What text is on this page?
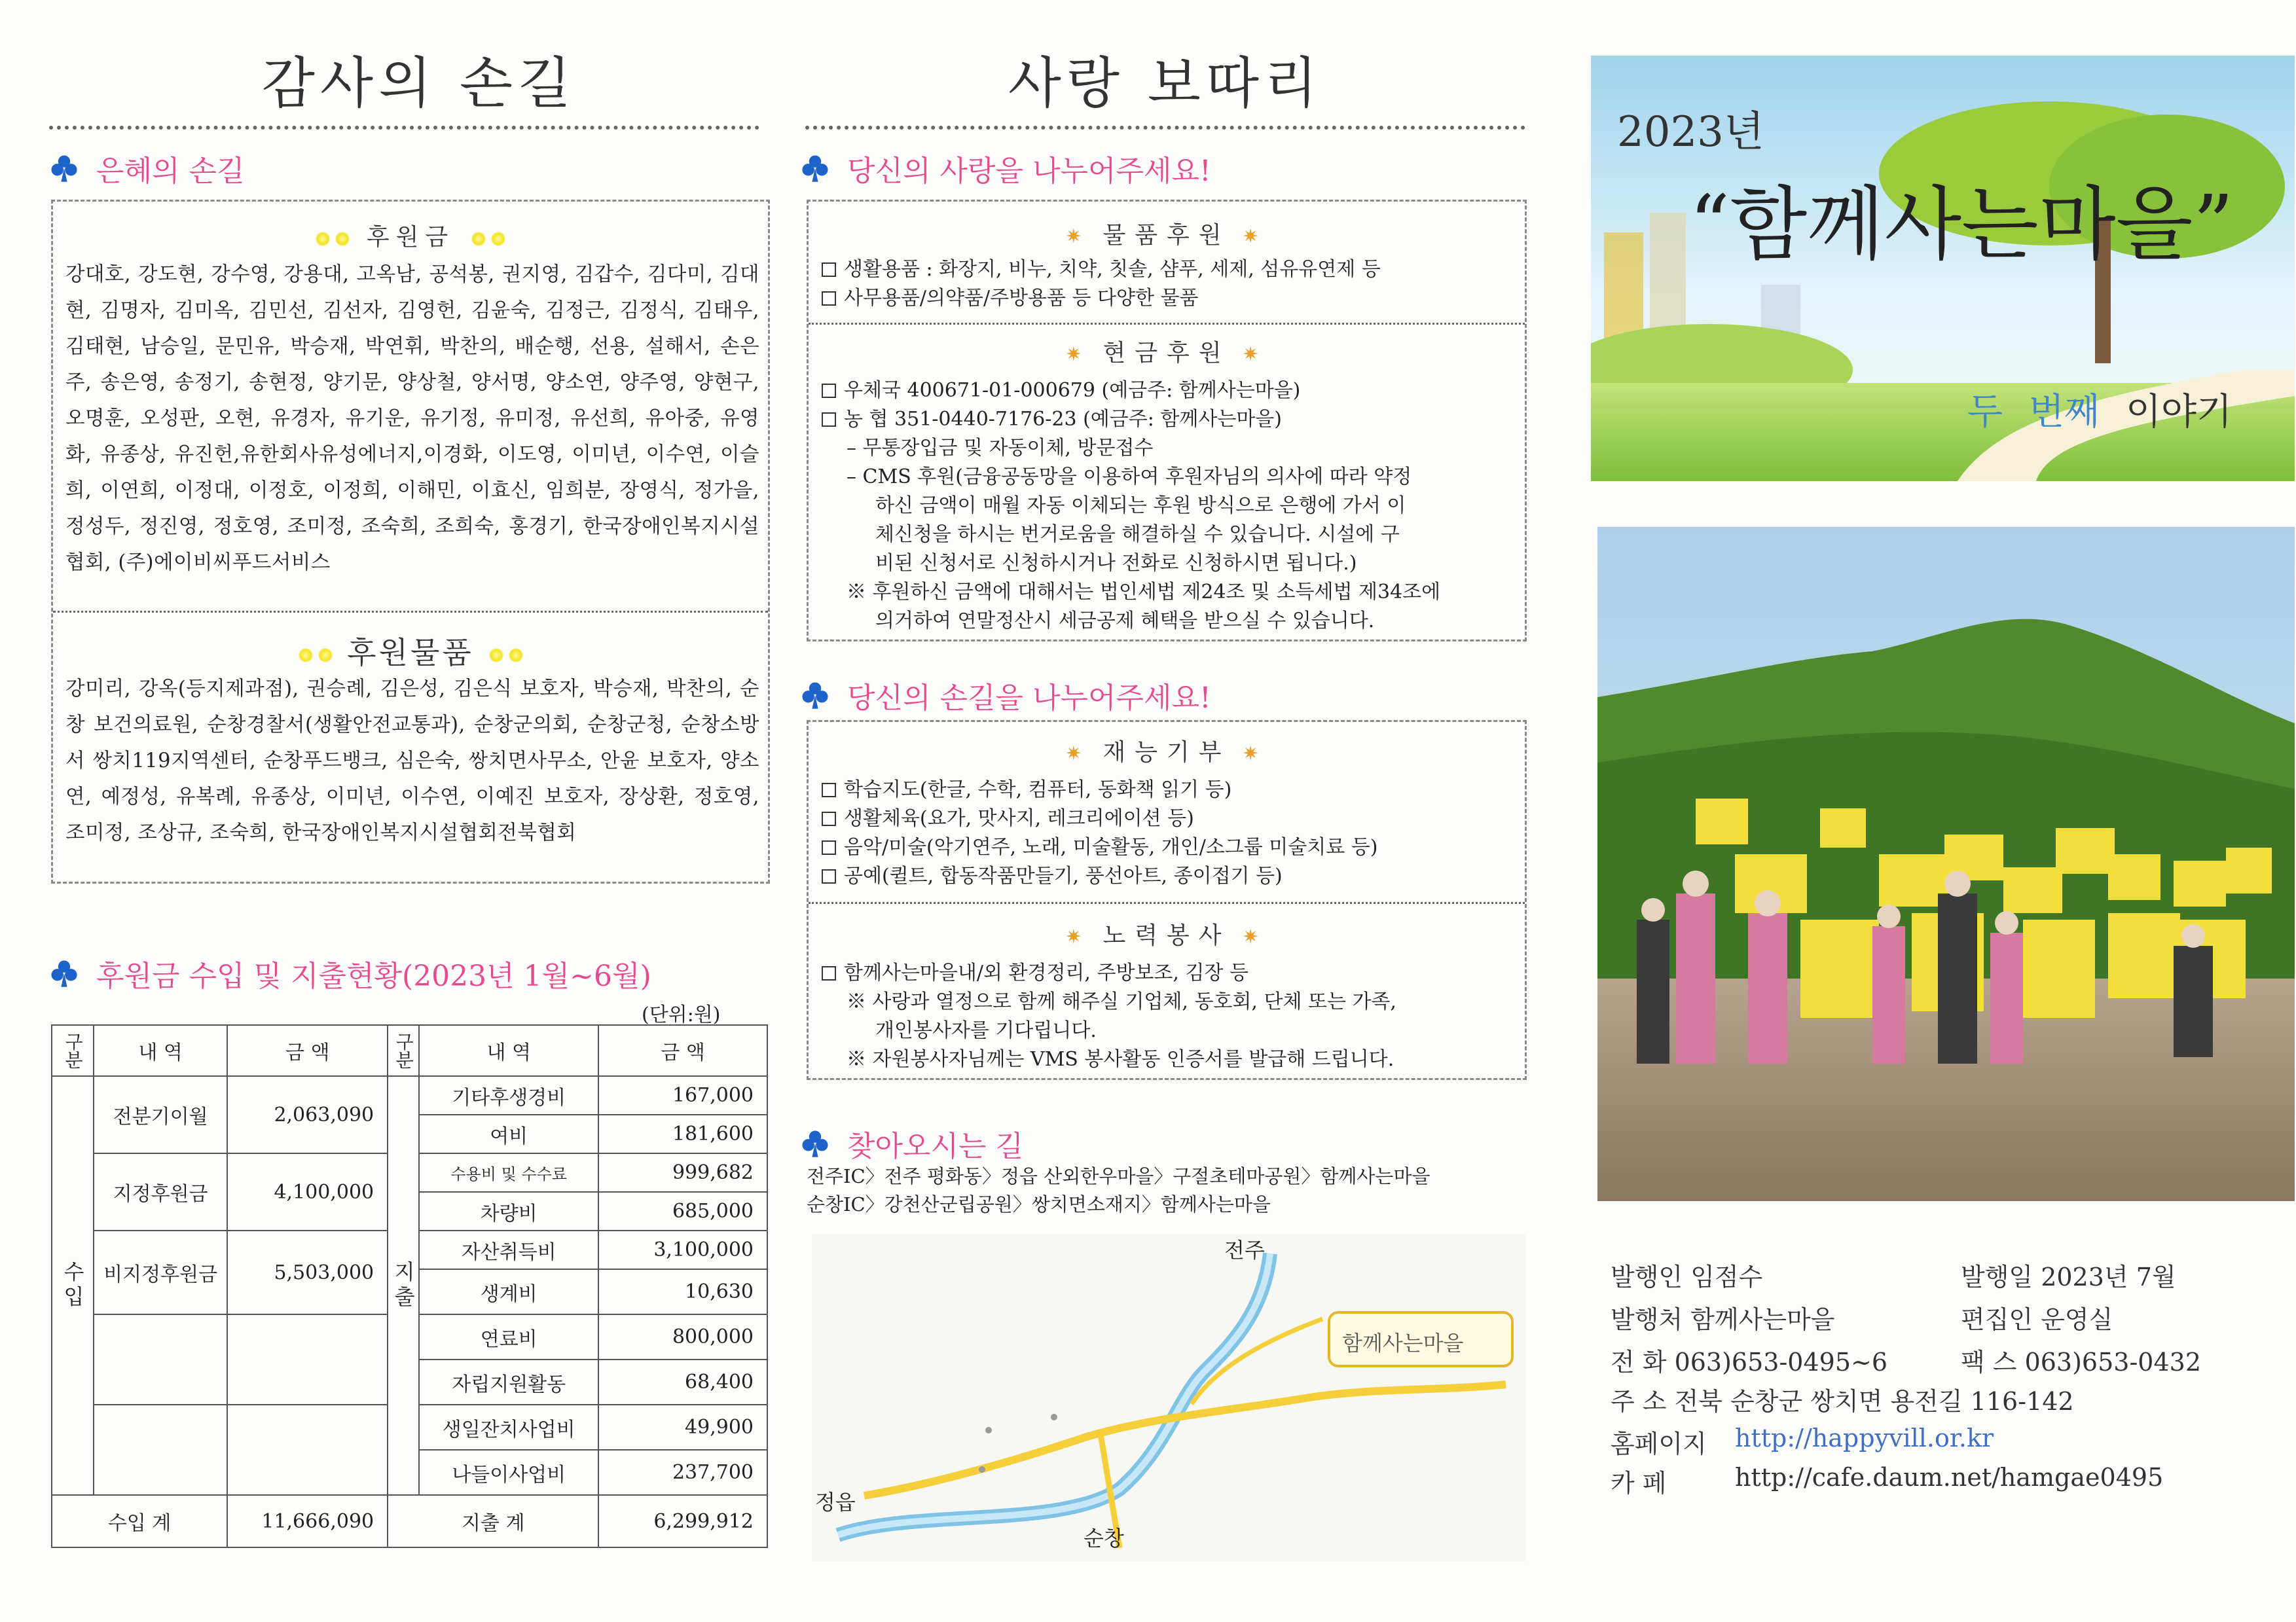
감사의 손길
은혜의 손길
후원금
강대호, 강도현, 강수영, 강용대, 고옥남, 공석봉, 권지영, 김갑수, 김다미, 김대현, 김명자, 김미옥, 김민선, 김선자, 김영헌, 김윤숙, 김정근, 김정식, 김태우, 김태현, 남승일, 문민유, 박승재, 박연휘, 박찬의, 배순행, 선용, 설해서, 손은주, 송은영, 송정기, 송현정, 양기문, 양상철, 양서명, 양소연, 양주영, 양현구, 오명훈, 오성판, 오현, 유경자, 유기운, 유기정, 유미정, 유선희, 유아중, 유영화, 유종상, 유진헌,유한회사유성에너지,이경화, 이도영, 이미년, 이수연, 이슬희, 이연희, 이정대, 이정호, 이정희, 이해민, 이효신, 임희분, 장영식, 정가을, 정성두, 정진영, 정호영, 조미정, 조숙희, 조희숙, 홍경기, 한국장애인복지시설협회, (주)에이비씨푸드서비스
후원물품
강미리, 강옥(등지제과점), 권승례, 김은성, 김은식 보호자, 박승재, 박찬의, 순창 보건의료원, 순창경찰서(생활안전교통과), 순창군의회, 순창군청, 순창소방서 쌍치119지역센터, 순창푸드뱅크, 심은숙, 쌍치면사무소, 안윤 보호자, 양소연, 예정성, 유복례, 유종상, 이미년, 이수연, 이예진 보호자, 장상환, 정호영, 조미정, 조상규, 조숙희, 한국장애인복지시설협회전북협회
후원금 수입 및 지출현황(2023년 1월~6월)
(단위:원)
구분	내 역	금 액	구분	내 역	금 액
수입	전분기이월	2,063,090	지출	기타후생경비	167,000
				여비	181,600
	지정후원금	4,100,000		수용비 및 수수료	999,682
				차량비	685,000
	비지정후원금	5,503,000		자산취득비	3,100,000
				생계비	10,630
				연료비	800,000
				자립지원활동	68,400
				생일잔치사업비	49,900
				나들이사업비	237,700
수입 계		11,666,090	지출 계		6,299,912
사랑 보따리
당신의 사랑을 나누어주세요!
✷ 물품후원 ✷
생활용품 : 화장지, 비누, 치약, 칫솔, 샴푸, 세제, 섬유유연제 등
사무용품/의약품/주방용품 등 다양한 물품
✷ 현금후원 ✷
우체국 400671-01-000679 (예금주: 함께사는마을)
농 협 351-0440-7176-23 (예금주: 함께사는마을)
– 무통장입금 및 자동이체, 방문접수
– CMS 후원(금융공동망을 이용하여 후원자님의 의사에 따라 약정
하신 금액이 매월 자동 이체되는 후원 방식으로 은행에 가서 이
체신청을 하시는 번거로움을 해결하실 수 있습니다. 시설에 구
비된 신청서로 신청하시거나 전화로 신청하시면 됩니다.)
※ 후원하신 금액에 대해서는 법인세법 제24조 및 소득세법 제34조에
의거하여 연말정산시 세금공제 혜택을 받으실 수 있습니다.
당신의 손길을 나누어주세요!
✷ 재능기부 ✷
학습지도(한글, 수학, 컴퓨터, 동화책 읽기 등)
생활체육(요가, 맛사지, 레크리에이션 등)
음악/미술(악기연주, 노래, 미술활동, 개인/소그룹 미술치료 등)
공예(퀼트, 합동작품만들기, 풍선아트, 종이접기 등)
✷ 노력봉사 ✷
함께사는마을내/외 환경정리, 주방보조, 김장 등
※ 사랑과 열정으로 함께 해주실 기업체, 동호회, 단체 또는 가족,
개인봉사자를 기다립니다.
※ 자원봉사자님께는 VMS 봉사활동 인증서를 발급해 드립니다.
찾아오시는 길
전주IC〉전주 평화동〉정읍 산외한우마을〉구절초테마공원〉함께사는마을
순창IC〉강천산군립공원〉쌍치면소재지〉함께사는마을
전주
정읍
순창
함께사는마을
2023년
“함께사는마을”
두 번째 이야기
발행인 임점수	발행일 2023년 7월
발행처 함께사는마을	편집인 운영실
전 화 063)653-0495~6	팩 스 063)653-0432
주 소 전북 순창군 쌍치면 용전길 116-142
홈페이지 http://happyvill.or.kr
카 페	http://cafe.daum.net/hamgae0495
